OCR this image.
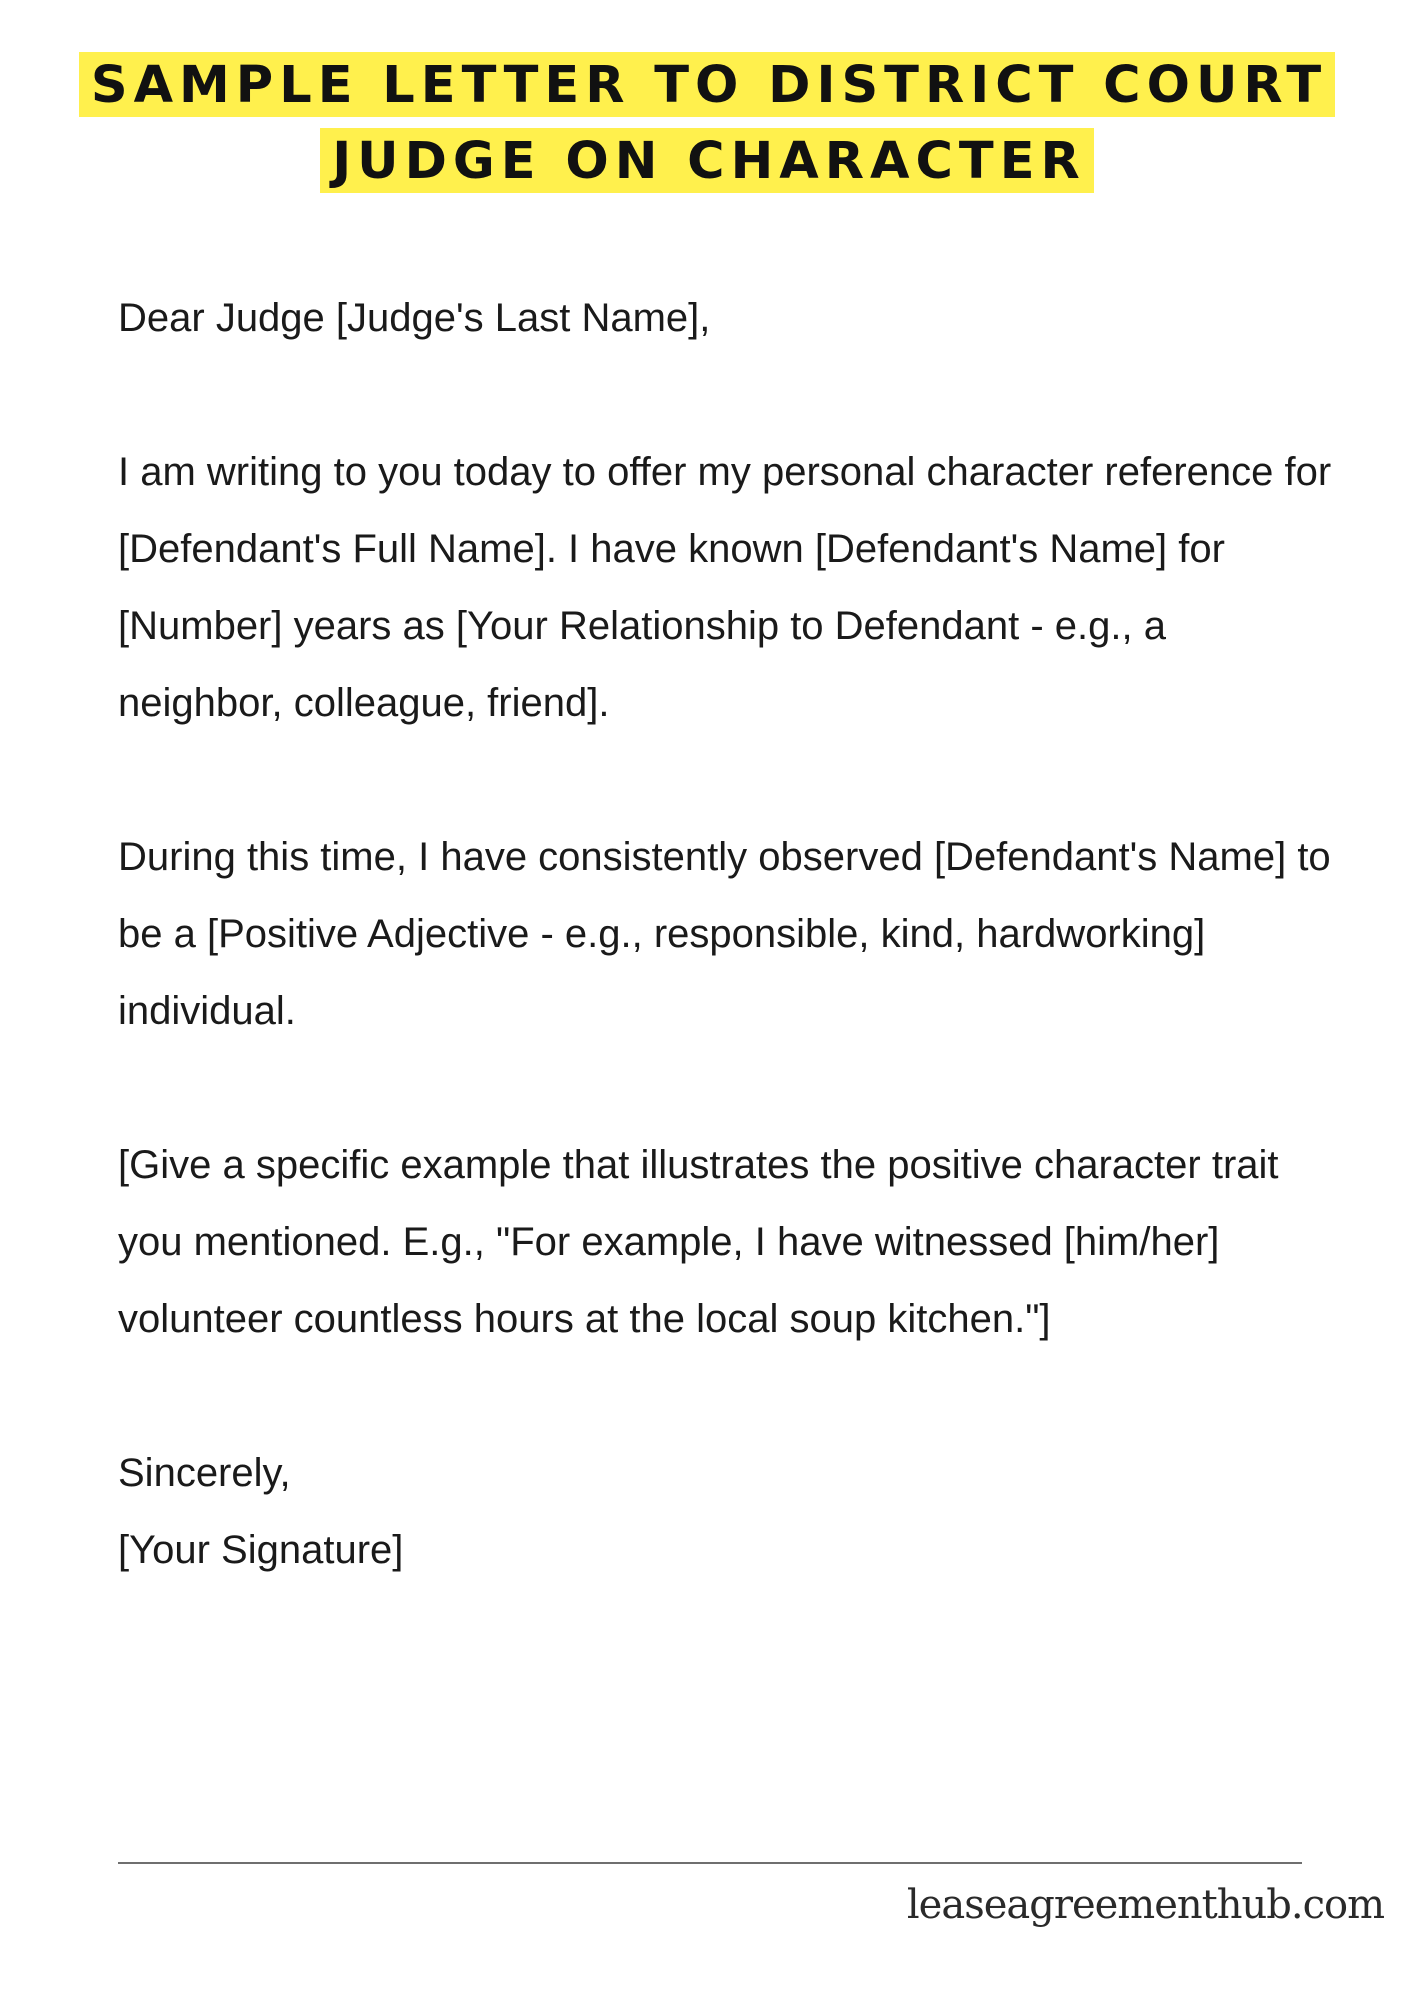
SAMPLE LETTER TO DISTRICT COURT
JUDGE ON CHARACTER

Dear Judge [Judge's Last Name],

I am writing to you today to offer my personal character reference for [Defendant's Full Name]. I have known [Defendant's Name] for [Number] years as [Your Relationship to Defendant - e.g., a neighbor, colleague, friend].

During this time, I have consistently observed [Defendant's Name] to be a [Positive Adjective - e.g., responsible, kind, hardworking] individual.

[Give a specific example that illustrates the positive character trait you mentioned. E.g., "For example, I have witnessed [him/her] volunteer countless hours at the local soup kitchen."]

Sincerely,

[Your Signature]

leaseagreementhub.com
